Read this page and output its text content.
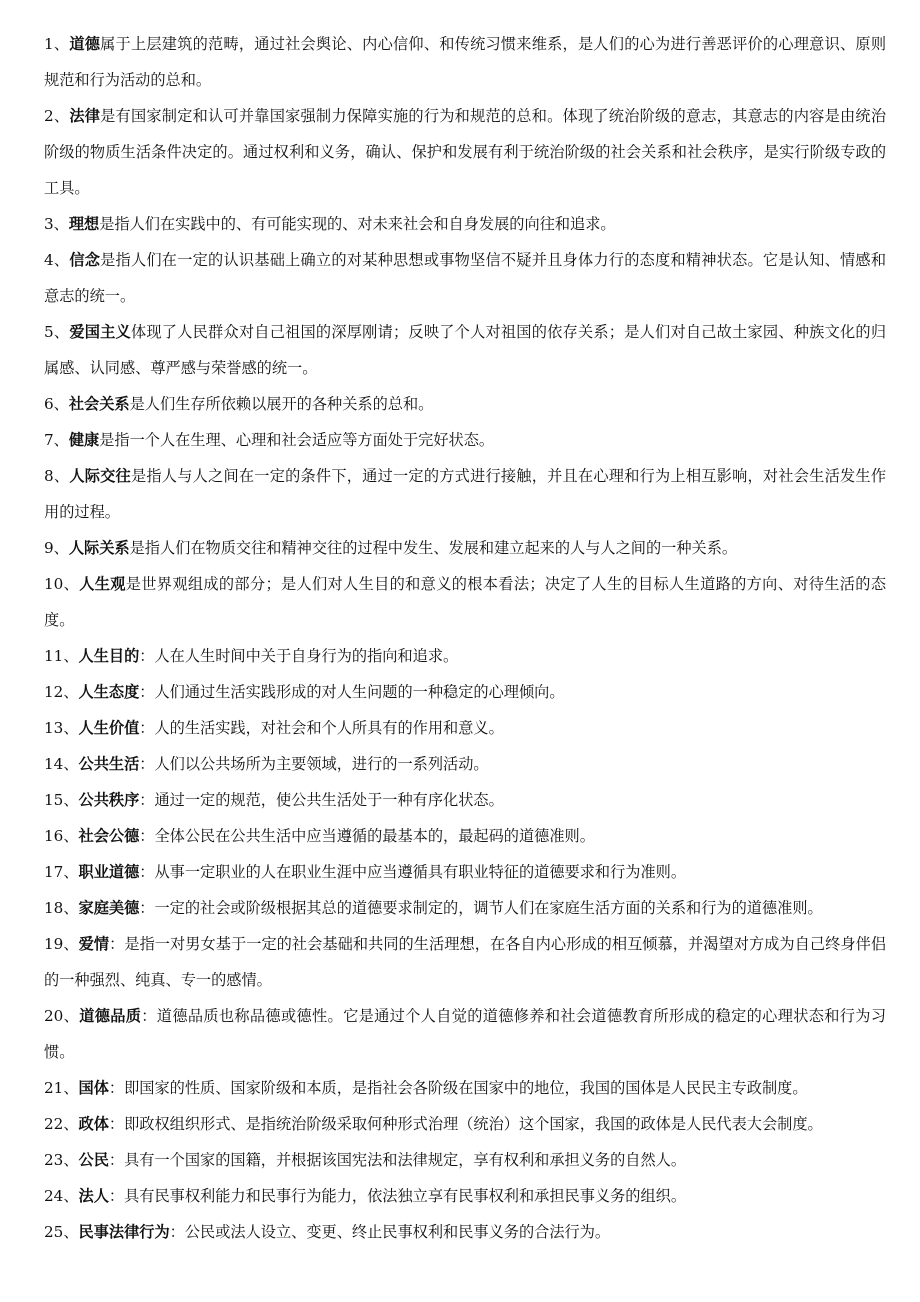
1、道德属于上层建筑的范畴，通过社会舆论、内心信仰、和传统习惯来维系，是人们的心为进行善恶评价的心理意识、原则规范和行为活动的总和。

2、法律是有国家制定和认可并靠国家强制力保障实施的行为和规范的总和。体现了统治阶级的意志，其意志的内容是由统治阶级的物质生活条件决定的。通过权利和义务，确认、保护和发展有利于统治阶级的社会关系和社会秩序，是实行阶级专政的工具。

3、理想是指人们在实践中的、有可能实现的、对未来社会和自身发展的向往和追求。

4、信念是指人们在一定的认识基础上确立的对某种思想或事物坚信不疑并且身体力行的态度和精神状态。它是认知、情感和意志的统一。

5、爱国主义体现了人民群众对自己祖国的深厚刚请；反映了个人对祖国的依存关系；是人们对自己故土家园、种族文化的归属感、认同感、尊严感与荣誉感的统一。

6、社会关系是人们生存所依赖以展开的各种关系的总和。

7、健康是指一个人在生理、心理和社会适应等方面处于完好状态。

8、人际交往是指人与人之间在一定的条件下，通过一定的方式进行接触，并且在心理和行为上相互影响，对社会生活发生作用的过程。

9、人际关系是指人们在物质交往和精神交往的过程中发生、发展和建立起来的人与人之间的一种关系。

10、人生观是世界观组成的部分；是人们对人生目的和意义的根本看法；决定了人生的目标人生道路的方向、对待生活的态度。

11、人生目的：人在人生时间中关于自身行为的指向和追求。

12、人生态度：人们通过生活实践形成的对人生问题的一种稳定的心理倾向。

13、人生价值：人的生活实践，对社会和个人所具有的作用和意义。

14、公共生活：人们以公共场所为主要领域，进行的一系列活动。

15、公共秩序：通过一定的规范，使公共生活处于一种有序化状态。

16、社会公德：全体公民在公共生活中应当遵循的最基本的，最起码的道德准则。

17、职业道德：从事一定职业的人在职业生涯中应当遵循具有职业特征的道德要求和行为准则。

18、家庭美德：一定的社会或阶级根据其总的道德要求制定的，调节人们在家庭生活方面的关系和行为的道德准则。

19、爱情：是指一对男女基于一定的社会基础和共同的生活理想，在各自内心形成的相互倾慕，并渴望对方成为自己终身伴侣的一种强烈、纯真、专一的感情。

20、道德品质：道德品质也称品德或德性。它是通过个人自觉的道德修养和社会道德教育所形成的稳定的心理状态和行为习惯。

21、国体：即国家的性质、国家阶级和本质，是指社会各阶级在国家中的地位，我国的国体是人民民主专政制度。

22、政体：即政权组织形式、是指统治阶级采取何种形式治理（统治）这个国家，我国的政体是人民代表大会制度。

23、公民：具有一个国家的国籍，并根据该国宪法和法律规定，享有权利和承担义务的自然人。

24、法人：具有民事权利能力和民事行为能力，依法独立享有民事权利和承担民事义务的组织。

25、民事法律行为：公民或法人设立、变更、终止民事权利和民事义务的合法行为。
